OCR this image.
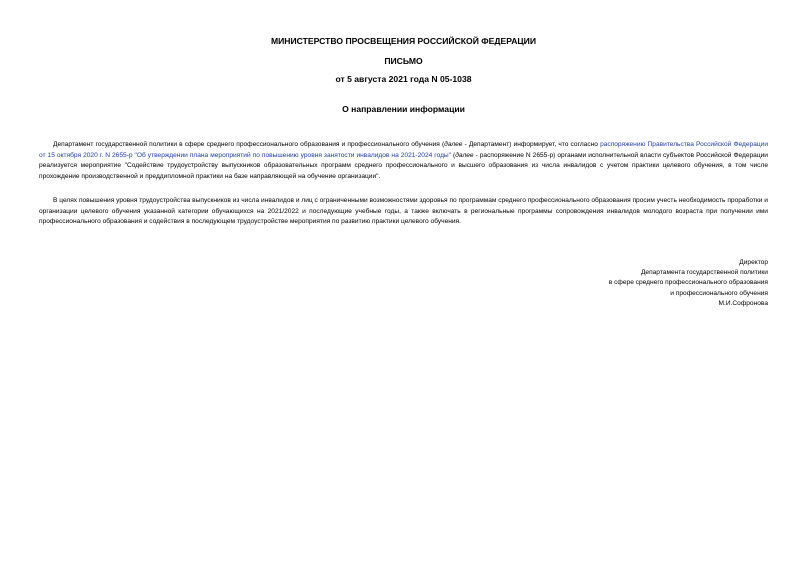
МИНИСТЕРСТВО ПРОСВЕЩЕНИЯ РОССИЙСКОЙ ФЕДЕРАЦИИ
ПИСЬМО
от 5 августа 2021 года N 05-1038
О направлении информации
Департамент государственной политики в сфере среднего профессионального образования и профессионального обучения (далее - Департамент) информирует, что согласно распоряжению Правительства Российской Федерации от 15 октября 2020 г. N 2655-р "Об утверждении плана мероприятий по повышению уровня занятости инвалидов на 2021-2024 годы" (далее - распоряжение N 2655-р) органами исполнительной власти субъектов Российской Федерации реализуется мероприятие "Содействие трудоустройству выпускников образовательных программ среднего профессионального и высшего образования из числа инвалидов с учетом практики целевого обучения, в том числе прохождение производственной и преддипломной практики на базе направляющей на обучение организации".
В целях повышения уровня трудоустройства выпускников из числа инвалидов и лиц с ограниченными возможностями здоровья по программам среднего профессионального образования просим учесть необходимость проработки и организации целевого обучения указанной категории обучающихся на 2021/2022 и последующие учебные годы, а также включать в региональные программы сопровождения инвалидов молодого возраста при получении ими профессионального образования и содействия в последующем трудоустройстве мероприятия по развитию практики целевого обучения.
Директор
Департамента государственной политики
в сфере среднего профессионального образования
и профессионального обучения
М.И.Софронова
